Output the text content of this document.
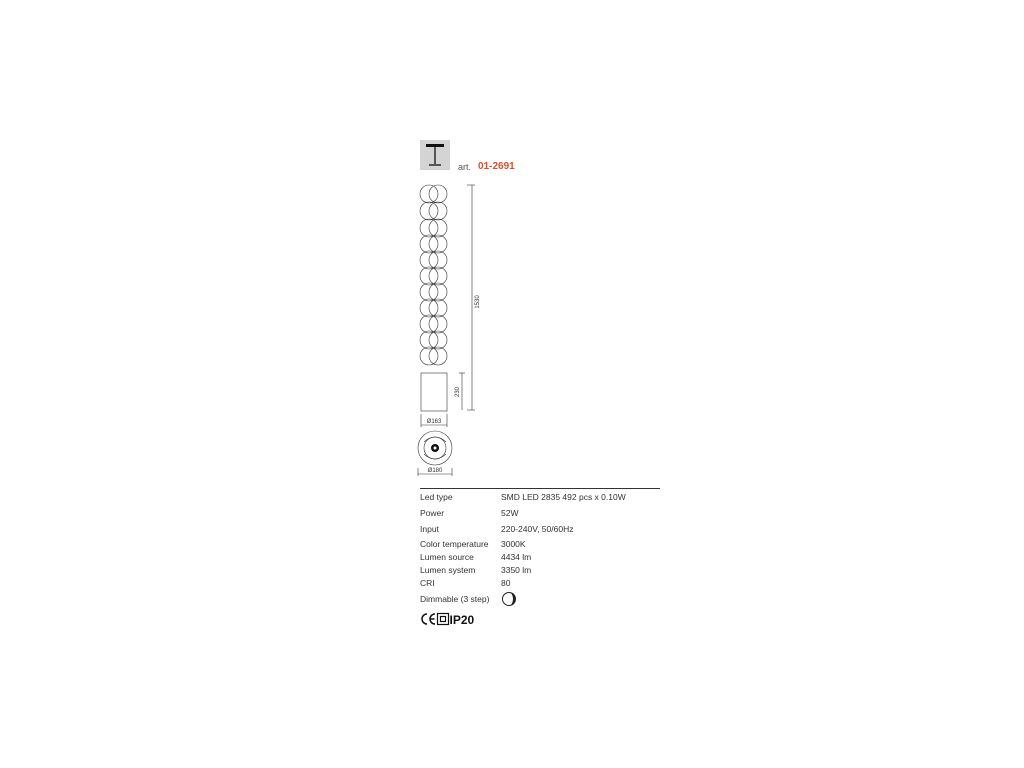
art. 01-2691
1530
230
Ø163
Ø180
Led type	SMD LED 2835 492 pcs x 0.10W
Power	52W
Input	220-240V, 50/60Hz
Color temperature 3000K
Lumen source	4434 lm
Lumen system	3350 lm
CRI	80
Dimmable (3 step)
IP20
